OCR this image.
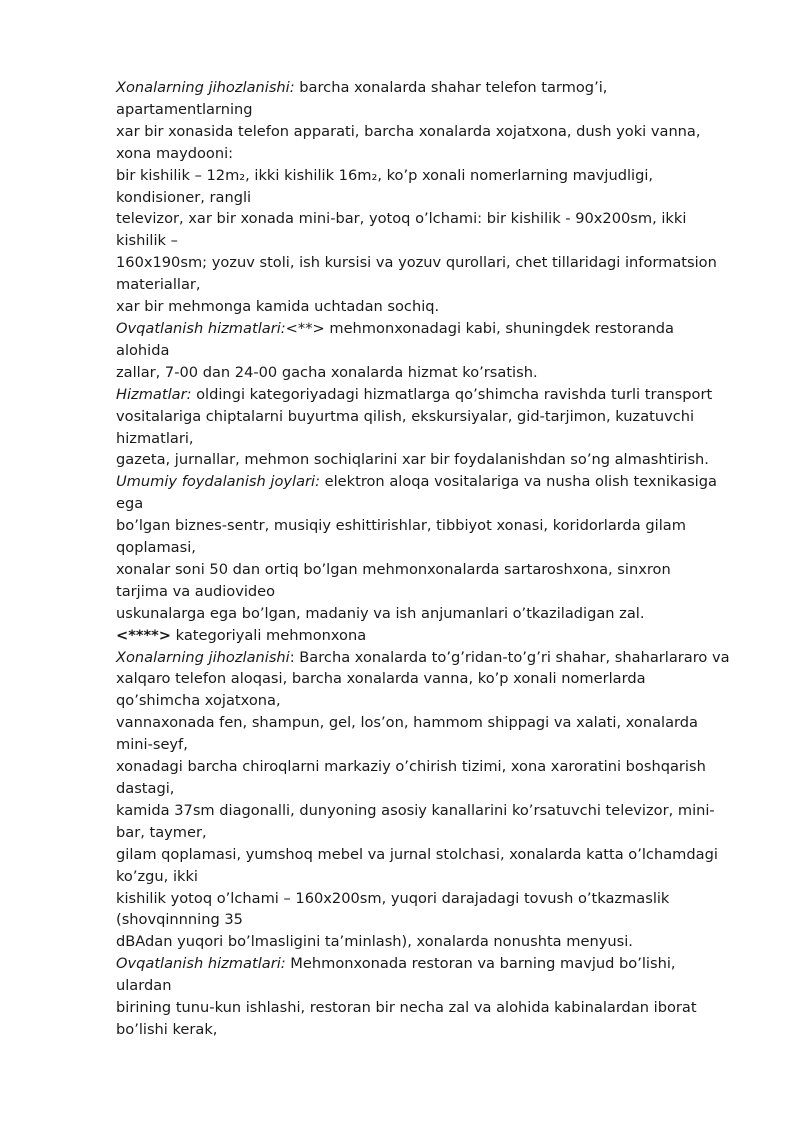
Xonalarning jihozlanishi: barcha xonalarda shahar telefon tarmog’i,
apartamentlarning
xar bir xonasida telefon apparati, barcha xonalarda xojatxona, dush yoki vanna,
xona maydooni:
bir kishilik – 12m₂, ikki kishilik 16m₂, ko’p xonali nomerlarning mavjudligi,
kondisioner, rangli
televizor, xar bir xonada mini-bar, yotoq o’lchami: bir kishilik - 90x200sm, ikki
kishilik –
160x190sm; yozuv stoli, ish kursisi va yozuv qurollari, chet tillaridagi informatsion
materiallar,
xar bir mehmonga kamida uchtadan sochiq.
Ovqatlanish hizmatlari:<**> mehmonxonadagi kabi, shuningdek restoranda
alohida
zallar, 7-00 dan 24-00 gacha xonalarda hizmat ko’rsatish.
Hizmatlar: oldingi kategoriyadagi hizmatlarga qo’shimcha ravishda turli transport
vositalariga chiptalarni buyurtma qilish, ekskursiyalar, gid-tarjimon, kuzatuvchi
hizmatlari,
gazeta, jurnallar, mehmon sochiqlarini xar bir foydalanishdan so’ng almashtirish.
Umumiy foydalanish joylari: elektron aloqa vositalariga va nusha olish texnikasiga
ega
bo’lgan biznes-sentr, musiqiy eshittirishlar, tibbiyot xonasi, koridorlarda gilam
qoplamasi,
xonalar soni 50 dan ortiq bo’lgan mehmonxonalarda sartaroshxona, sinxron
tarjima va audiovideo
uskunalarga ega bo’lgan, madaniy va ish anjumanlari o’tkaziladigan zal.
<****> kategoriyali mehmonxona
Xonalarning jihozlanishi: Barcha xonalarda to’g’ridan-to’g’ri shahar, shaharlararo va
xalqaro telefon aloqasi, barcha xonalarda vanna, ko’p xonali nomerlarda
qo’shimcha xojatxona,
vannaxonada fen, shampun, gel, los’on, hammom shippagi va xalati, xonalarda
mini-seyf,
xonadagi barcha chiroqlarni markaziy o’chirish tizimi, xona xaroratini boshqarish
dastagi,
kamida 37sm diagonalli, dunyoning asosiy kanallarini ko’rsatuvchi televizor, mini-
bar, taymer,
gilam qoplamasi, yumshoq mebel va jurnal stolchasi, xonalarda katta o’lchamdagi
ko’zgu, ikki
kishilik yotoq o’lchami – 160x200sm, yuqori darajadagi tovush o’tkazmaslik
(shovqinnning 35
dBAdan yuqori bo’lmasligini ta’minlash), xonalarda nonushta menyusi.
Ovqatlanish hizmatlari: Mehmonxonada restoran va barning mavjud bo’lishi,
ulardan
birining tunu-kun ishlashi, restoran bir necha zal va alohida kabinalardan iborat
bo’lishi kerak,
